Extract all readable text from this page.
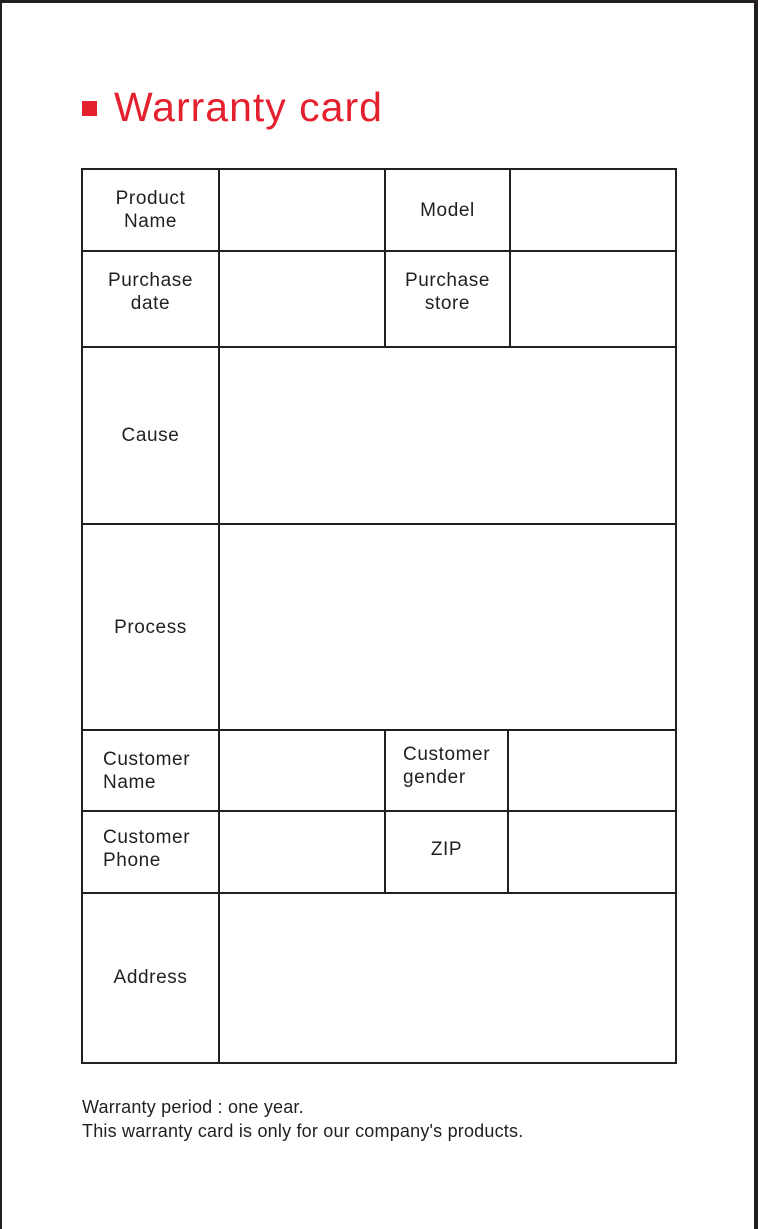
Warranty card
Product
Name
Model
Purchase
date
Purchase
store
Cause
Process
Customer
Name
Customer
gender
Customer
Phone
ZIP
Address
Warranty period : one year.
This warranty card is only for our company's products.
